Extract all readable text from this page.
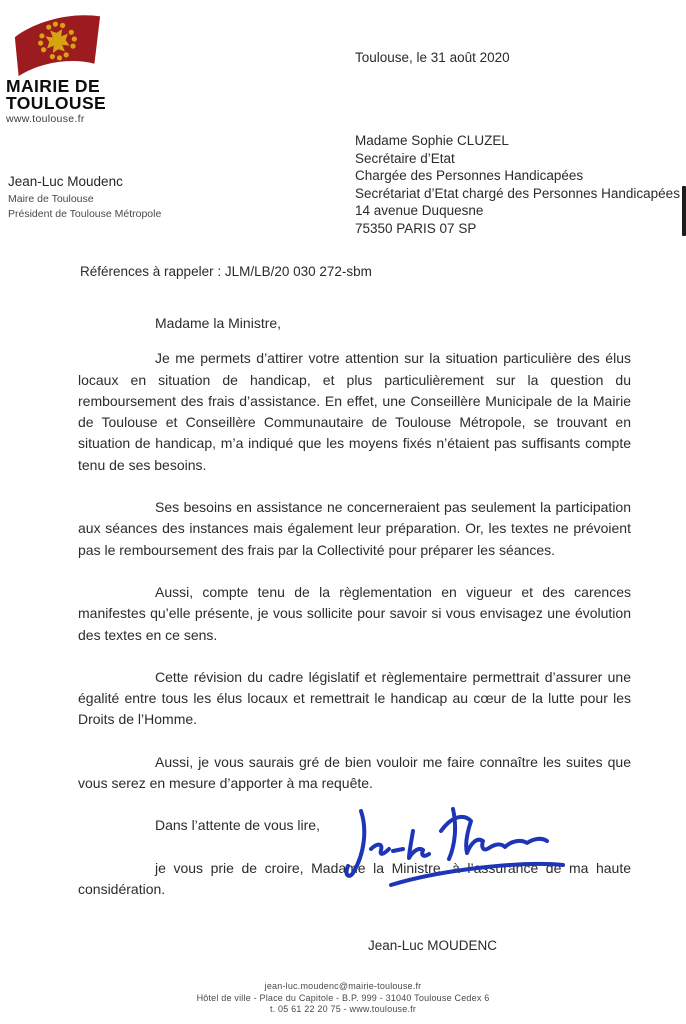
MAIRIE DE
TOULOUSE
www.toulouse.fr
Jean-Luc Moudenc
Maire de Toulouse
Président de Toulouse Métropole
Toulouse, le 31 août 2020
Madame Sophie CLUZEL
Secrétaire d’Etat
Chargée des Personnes Handicapées
Secrétariat d’Etat chargé des Personnes Handicapées
14 avenue Duquesne
75350 PARIS 07 SP
Références à rappeler : JLM/LB/20 030 272-sbm

Madame la Ministre,

Je me permets d’attirer votre attention sur la situation particulière des élus locaux en situation de handicap, et plus particulièrement sur la question du remboursement des frais d’assistance. En effet, une Conseillère Municipale de la Mairie de Toulouse et Conseillère Communautaire de Toulouse Métropole, se trouvant en situation de handicap, m’a indiqué que les moyens fixés n’étaient pas suffisants compte tenu de ses besoins.

Ses besoins en assistance ne concerneraient pas seulement la participation aux séances des instances mais également leur préparation. Or, les textes ne prévoient pas le remboursement des frais par la Collectivité pour préparer les séances.

Aussi, compte tenu de la règlementation en vigueur et des carences manifestes qu’elle présente, je vous sollicite pour savoir si vous envisagez une évolution des textes en ce sens.

Cette révision du cadre législatif et règlementaire permettrait d’assurer une égalité entre tous les élus locaux et remettrait le handicap au cœur de la lutte pour les Droits de l’Homme.

Aussi, je vous saurais gré de bien vouloir me faire connaître les suites que vous serez en mesure d’apporter à ma requête.

Dans l’attente de vous lire,

je vous prie de croire, Madame la Ministre, à l’assurance de ma haute considération.

Jean-Luc MOUDENC
jean-luc.moudenc@mairie-toulouse.fr
Hôtel de ville - Place du Capitole - B.P. 999 - 31040 Toulouse Cedex 6
t. 05 61 22 20 75 - www.toulouse.fr
